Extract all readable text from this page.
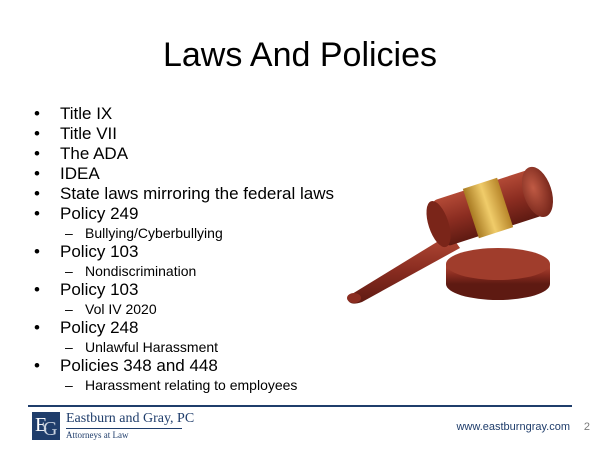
Laws And Policies
• Title IX
• Title VII
• The ADA
• IDEA
• State laws mirroring the federal laws
• Policy 249
– Bullying/Cyberbullying
• Policy 103
– Nondiscrimination
• Policy 103
– Vol IV 2020
• Policy 248
– Unlawful Harassment
• Policies 348 and 448
– Harassment relating to employees
E
G Eastburn and Gray, PC
Attorneys at Law
www.eastburngray.com 2
